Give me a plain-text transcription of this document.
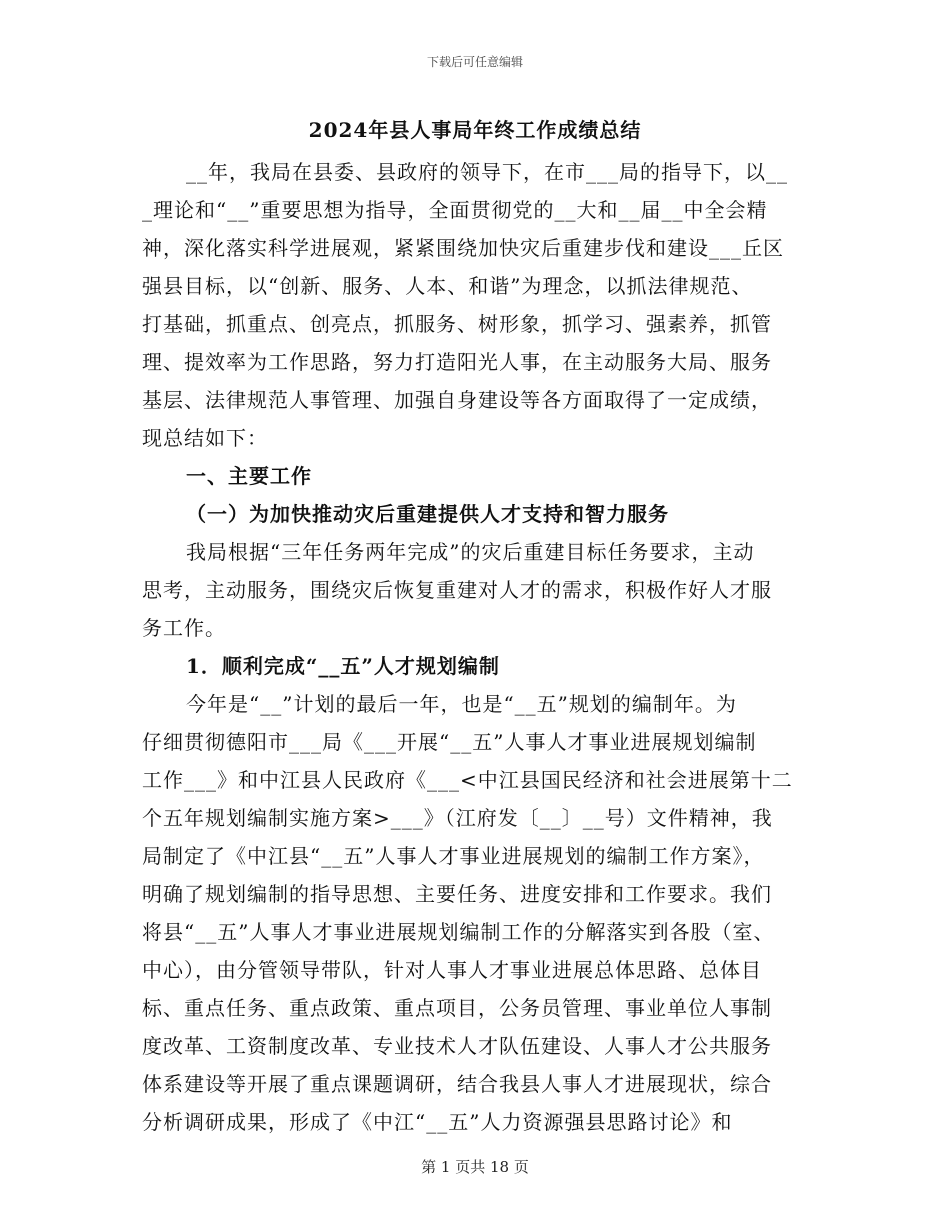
下载后可任意编辑
2024年县人事局年终工作成绩总结
__年，我局在县委、县政府的领导下，在市___局的指导下，以__
_理论和“__”重要思想为指导，全面贯彻党的__大和__届__中全会精
神，深化落实科学进展观，紧紧围绕加快灾后重建步伐和建设___丘区
强县目标，以“创新、服务、人本、和谐”为理念，以抓法律规范、
打基础，抓重点、创亮点，抓服务、树形象，抓学习、强素养，抓管
理、提效率为工作思路，努力打造阳光人事，在主动服务大局、服务
基层、法律规范人事管理、加强自身建设等各方面取得了一定成绩，
现总结如下：
一、主要工作
（一）为加快推动灾后重建提供人才支持和智力服务
我局根据“三年任务两年完成”的灾后重建目标任务要求，主动
思考，主动服务，围绕灾后恢复重建对人才的需求，积极作好人才服
务工作。
1．顺利完成“__五”人才规划编制
今年是“__”计划的最后一年，也是“__五”规划的编制年。为
仔细贯彻德阳市___局《___开展“__五”人事人才事业进展规划编制
工作___》和中江县人民政府《___<中江县国民经济和社会进展第十二
个五年规划编制实施方案>___》（江府发〔__〕__号）文件精神，我
局制定了《中江县“__五”人事人才事业进展规划的编制工作方案》，
明确了规划编制的指导思想、主要任务、进度安排和工作要求。我们
将县“__五”人事人才事业进展规划编制工作的分解落实到各股（室、
中心），由分管领导带队，针对人事人才事业进展总体思路、总体目
标、重点任务、重点政策、重点项目，公务员管理、事业单位人事制
度改革、工资制度改革、专业技术人才队伍建设、人事人才公共服务
体系建设等开展了重点课题调研，结合我县人事人才进展现状，综合
分析调研成果，形成了《中江“__五”人力资源强县思路讨论》和
第 1 页共 18 页
